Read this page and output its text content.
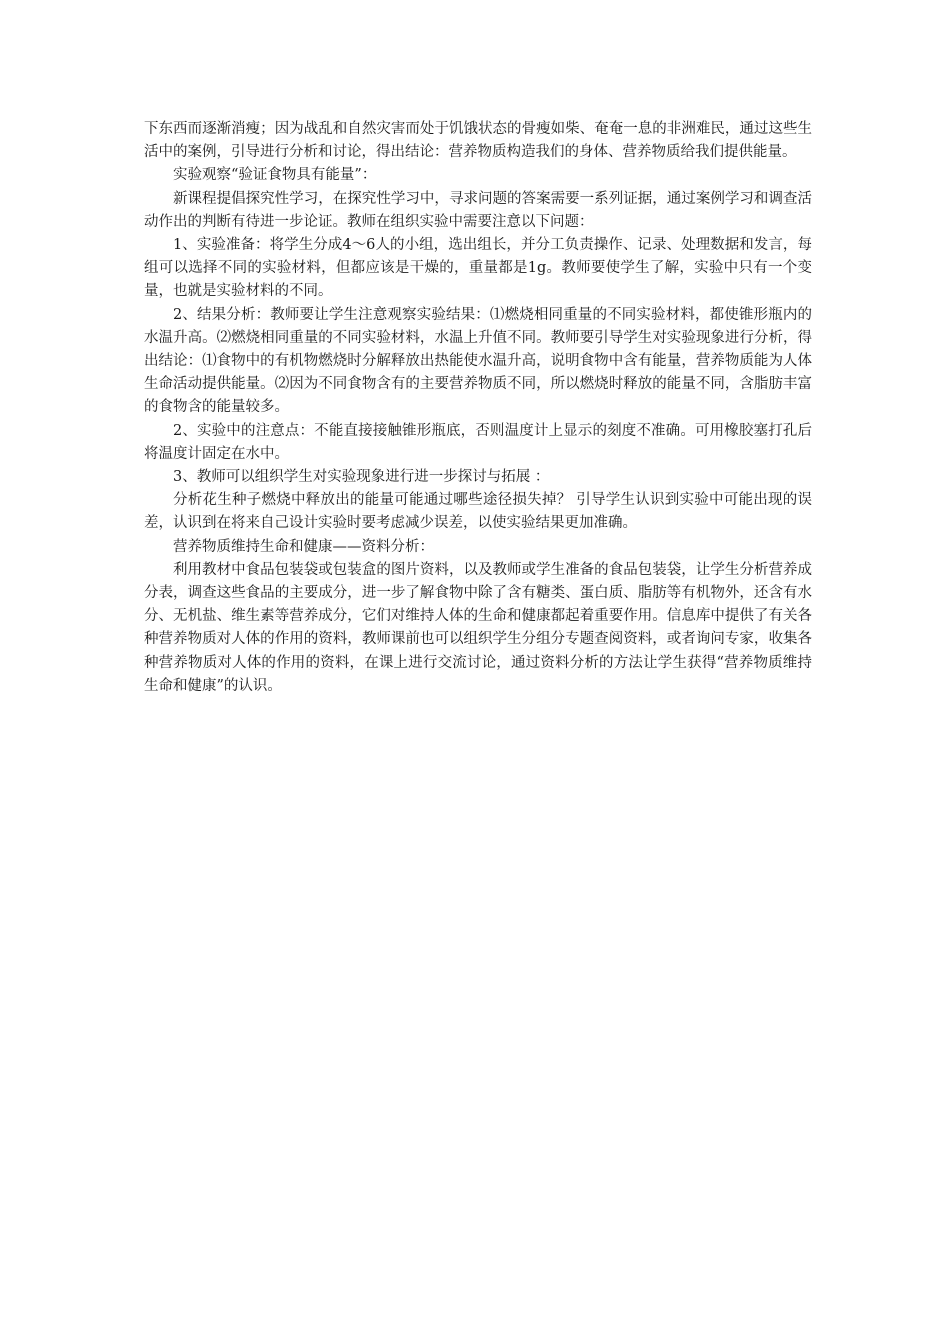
下东西而逐渐消瘦；因为战乱和自然灾害而处于饥饿状态的骨瘦如柴、奄奄一息的非洲难民，通过这些生活中的案例，引导进行分析和讨论，得出结论：营养物质构造我们的身体、营养物质给我们提供能量。

实验观察“验证食物具有能量”：

新课程提倡探究性学习，在探究性学习中，寻求问题的答案需要一系列证据，通过案例学习和调查活动作出的判断有待进一步论证。教师在组织实验中需要注意以下问题：

1、实验准备：将学生分成4～6人的小组，选出组长，并分工负责操作、记录、处理数据和发言，每组可以选择不同的实验材料，但都应该是干燥的，重量都是1g。教师要使学生了解，实验中只有一个变量，也就是实验材料的不同。

2、结果分析：教师要让学生注意观察实验结果：⑴燃烧相同重量的不同实验材料，都使锥形瓶内的水温升高。⑵燃烧相同重量的不同实验材料，水温上升值不同。教师要引导学生对实验现象进行分析，得出结论：⑴食物中的有机物燃烧时分解释放出热能使水温升高，说明食物中含有能量，营养物质能为人体生命活动提供能量。⑵因为不同食物含有的主要营养物质不同，所以燃烧时释放的能量不同，含脂肪丰富的食物含的能量较多。

2、实验中的注意点：不能直接接触锥形瓶底，否则温度计上显示的刻度不准确。可用橡胶塞打孔后将温度计固定在水中。

3、教师可以组织学生对实验现象进行进一步探讨与拓展 ：

分析花生种子燃烧中释放出的能量可能通过哪些途径损失掉？ 引导学生认识到实验中可能出现的误差，认识到在将来自己设计实验时要考虑减少误差，以使实验结果更加准确。

营养物质维持生命和健康——资料分析：

利用教材中食品包装袋或包装盒的图片资料，以及教师或学生准备的食品包装袋，让学生分析营养成分表，调查这些食品的主要成分，进一步了解食物中除了含有糖类、蛋白质、脂肪等有机物外，还含有水分、无机盐、维生素等营养成分，它们对维持人体的生命和健康都起着重要作用。信息库中提供了有关各种营养物质对人体的作用的资料，教师课前也可以组织学生分组分专题查阅资料，或者询问专家，收集各种营养物质对人体的作用的资料，在课上进行交流讨论，通过资料分析的方法让学生获得“营养物质维持生命和健康”的认识。
